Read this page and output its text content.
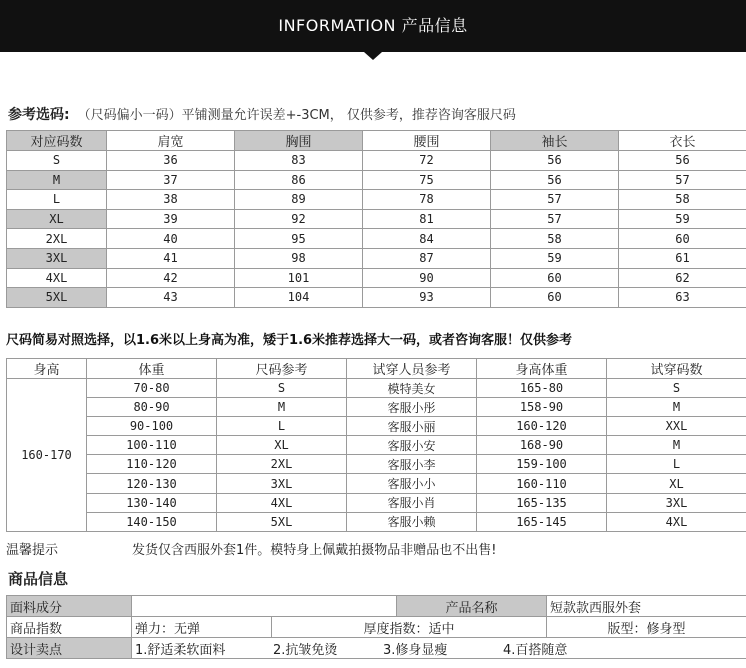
INFORMATION 产品信息
参考选码: （尺码偏小一码）平铺测量允许误差+-3CM， 仅供参考，推荐咨询客服尺码
对应码数	肩宽	胸围	腰围	袖长	衣长
S	36	83	72	56	56
M	37	86	75	56	57
L	38	89	78	57	58
XL	39	92	81	57	59
2XL	40	95	84	58	60
3XL	41	98	87	59	61
4XL	42	101	90	60	62
5XL	43	104	93	60	63
尺码简易对照选择，以1.6米以上身高为准，矮于1.6米推荐选择大一码，或者咨询客服！仅供参考
身高	体重	尺码参考	试穿人员参考	身高体重	试穿码数
160-170	70-80	S	模特美女	165-80	S
	80-90	M	客服小彤	158-90	M
	90-100	L	客服小丽	160-120	XXL
	100-110	XL	客服小安	168-90	M
	110-120	2XL	客服小李	159-100	L
	120-130	3XL	客服小小	160-110	XL
	130-140	4XL	客服小肖	165-135	3XL
	140-150	5XL	客服小赖	165-145	4XL
温馨提示	发货仅含西服外套1件。模特身上佩戴拍摄物品非赠品也不出售!
商品信息
面料成分			产品名称	短款款西服外套
商品指数	弹力：无弹	厚度指数：适中		版型：修身型
设计卖点	1.舒适柔软面料 2.抗皱免烫 3.修身显瘦 4.百搭随意			
